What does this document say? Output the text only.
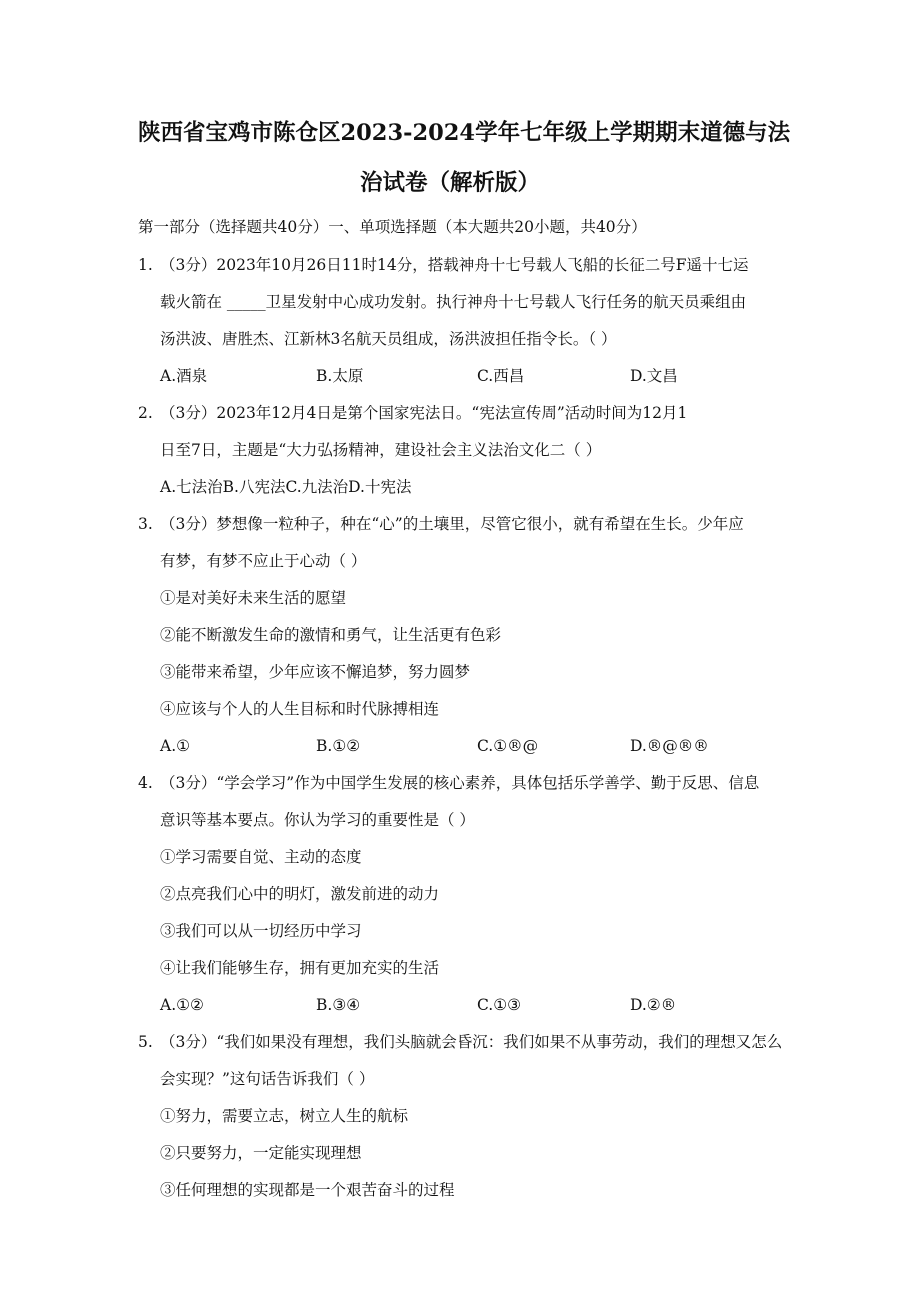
陕西省宝鸡市陈仓区2023-2024学年七年级上学期期末道德与法
治试卷（解析版）
第一部分（选择题共40分）一、单项选择题（本大题共20小题，共40分）
1. （3分）2023年10月26日11时14分，搭载神舟十七号载人飞船的长征二号F遥十七运
载火箭在 _____卫星发射中心成功发射。执行神舟十七号载人飞行任务的航天员乘组由
汤洪波、唐胜杰、江新林3名航天员组成，汤洪波担任指令长。（ ）
A.酒泉	B.太原	C.西昌	D.文昌
2. （3分）2023年12月4日是第个国家宪法日。“宪法宣传周”活动时间为12月1
日至7日，主题是“大力弘扬精神，建设社会主义法治文化二（ ）
A.七法治B.八宪法C.九法治D.十宪法
3. （3分）梦想像一粒种子，种在“心”的土壤里，尽管它很小，就有希望在生长。少年应
有梦，有梦不应止于心动（ ）
①是对美好未来生活的愿望
②能不断激发生命的激情和勇气，让生活更有色彩
③能带来希望，少年应该不懈追梦，努力圆梦
④应该与个人的人生目标和时代脉搏相连
A.①	B.①②	C.①®@	D.®@®®
4. （3分）“学会学习”作为中国学生发展的核心素养，具体包括乐学善学、勤于反思、信息
意识等基本要点。你认为学习的重要性是（ ）
①学习需要自觉、主动的态度
②点亮我们心中的明灯，激发前进的动力
③我们可以从一切经历中学习
④让我们能够生存，拥有更加充实的生活
A.①②	B.③④	C.①③	D.②®
5. （3分）“我们如果没有理想，我们头脑就会昏沉：我们如果不从事劳动，我们的理想又怎么
会实现？”这句话告诉我们（ ）
①努力，需要立志，树立人生的航标
②只要努力，一定能实现理想
③任何理想的实现都是一个艰苦奋斗的过程
